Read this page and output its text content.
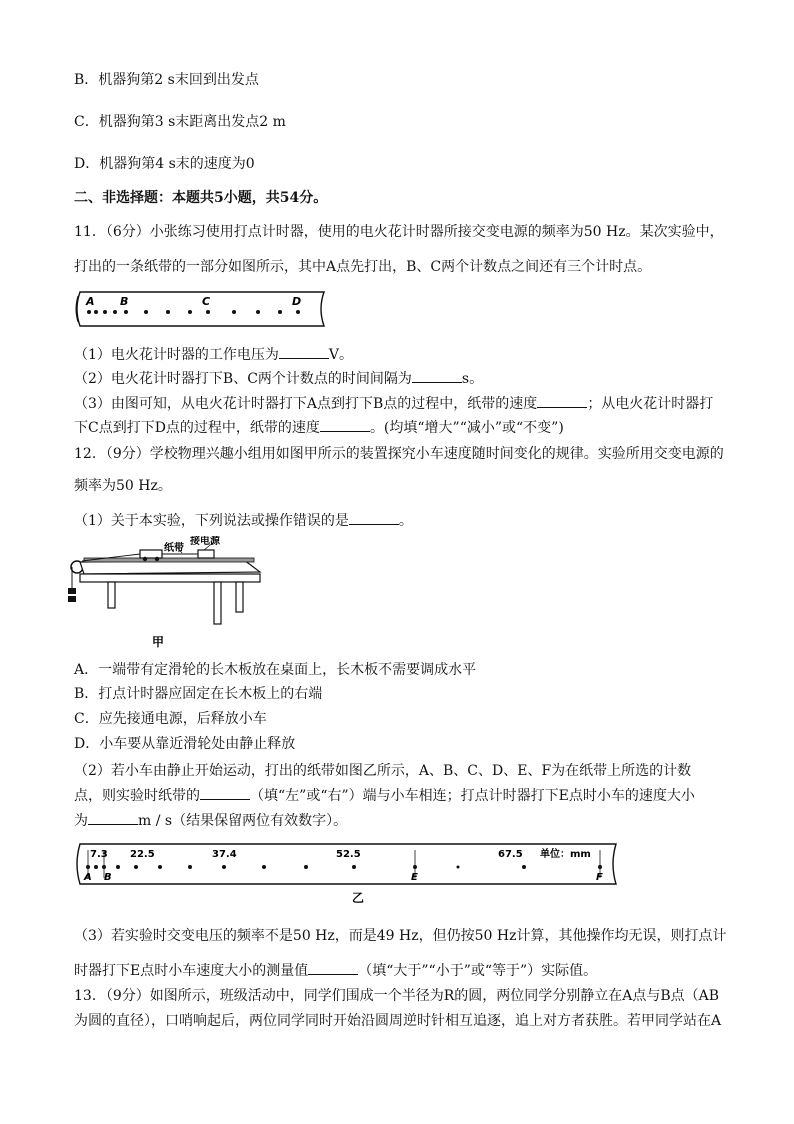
B．机器狗第2 s末回到出发点
C．机器狗第3 s末距离出发点2 m
D．机器狗第4 s末的速度为0
二、非选择题：本题共5小题，共54分。
11．（6分）小张练习使用打点计时器，使用的电火花计时器所接交变电源的频率为50 Hz。某次实验中，
打出的一条纸带的一部分如图所示，其中A点先打出，B、C两个计数点之间还有三个计时点。
A B	C	D
（1）电火花计时器的工作电压为	V。
（2）电火花计时器打下B、C两个计数点的时间间隔为	s。
（3）由图可知，从电火花计时器打下A点到打下B点的过程中，纸带的速度	；从电火花计时器打
下C点到打下D点的过程中，纸带的速度	。(均填“增大”“减小”或“不变”)
12．（9分）学校物理兴趣小组用如图甲所示的装置探究小车速度随时间变化的规律。实验所用交变电源的
频率为50 Hz。
（1）关于本实验，下列说法或操作错误的是	。
纸带
接电源
甲
A．一端带有定滑轮的长木板放在桌面上，长木板不需要调成水平
B．打点计时器应固定在长木板上的右端
C．应先接通电源，后释放小车
D．小车要从靠近滑轮处由静止释放
（2）若小车由静止开始运动，打出的纸带如图乙所示，A、B、C、D、E、F为在纸带上所选的计数
点，则实验时纸带的	（填“左”或“右”）端与小车相连；打点计时器打下E点时小车的速度大小
为	m / s（结果保留两位有效数字）。
7.3 22.5	37.4	52.5	67.5 单位：mm
A B	E	F
乙
（3）若实验时交变电压的频率不是50 Hz，而是49 Hz，但仍按50 Hz计算，其他操作均无误，则打点计
时器打下E点时小车速度大小的测量值	（填“大于”“小于”或“等于”）实际值。
13．（9分）如图所示，班级活动中，同学们围成一个半径为R的圆，两位同学分别静立在A点与B点（AB
为圆的直径），口哨响起后，两位同学同时开始沿圆周逆时针相互追逐，追上对方者获胜。若甲同学站在A
